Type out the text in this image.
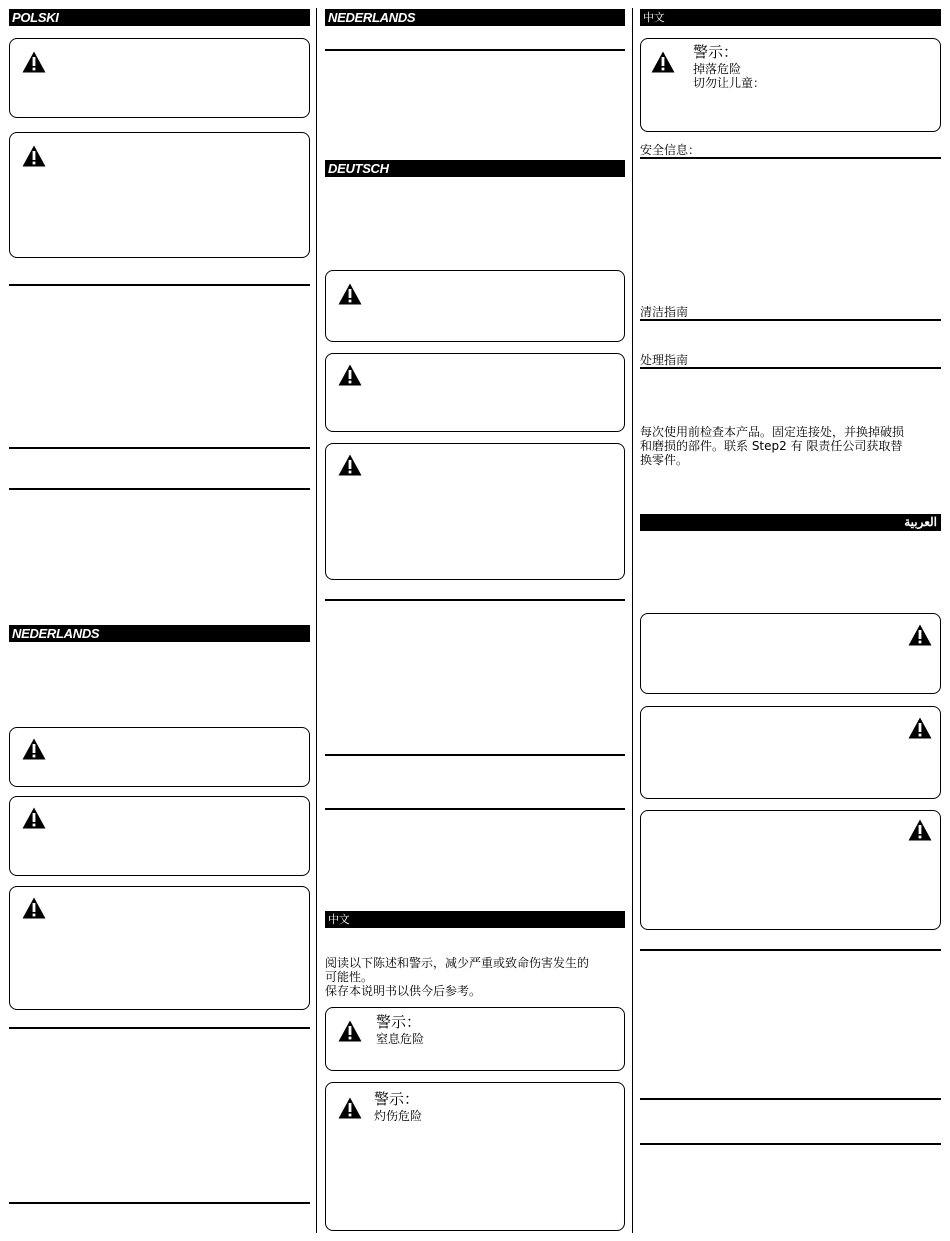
POLSKI
NEDERLANDS
NEDERLANDS
DEUTSCH
中文
阅读以下陈述和警示，减少严重或致命伤害发生的
可能性。
保存本说明书以供今后参考。
警示：
窒息危险
警示：
灼伤危险
中文
警示：
掉落危险
切勿让儿童：
安全信息：
清洁指南
处理指南
每次使用前检查本产品。固定连接处，并换掉破损
和磨损的部件。联系 Step2 有 限责任公司获取替
换零件。
العربية
